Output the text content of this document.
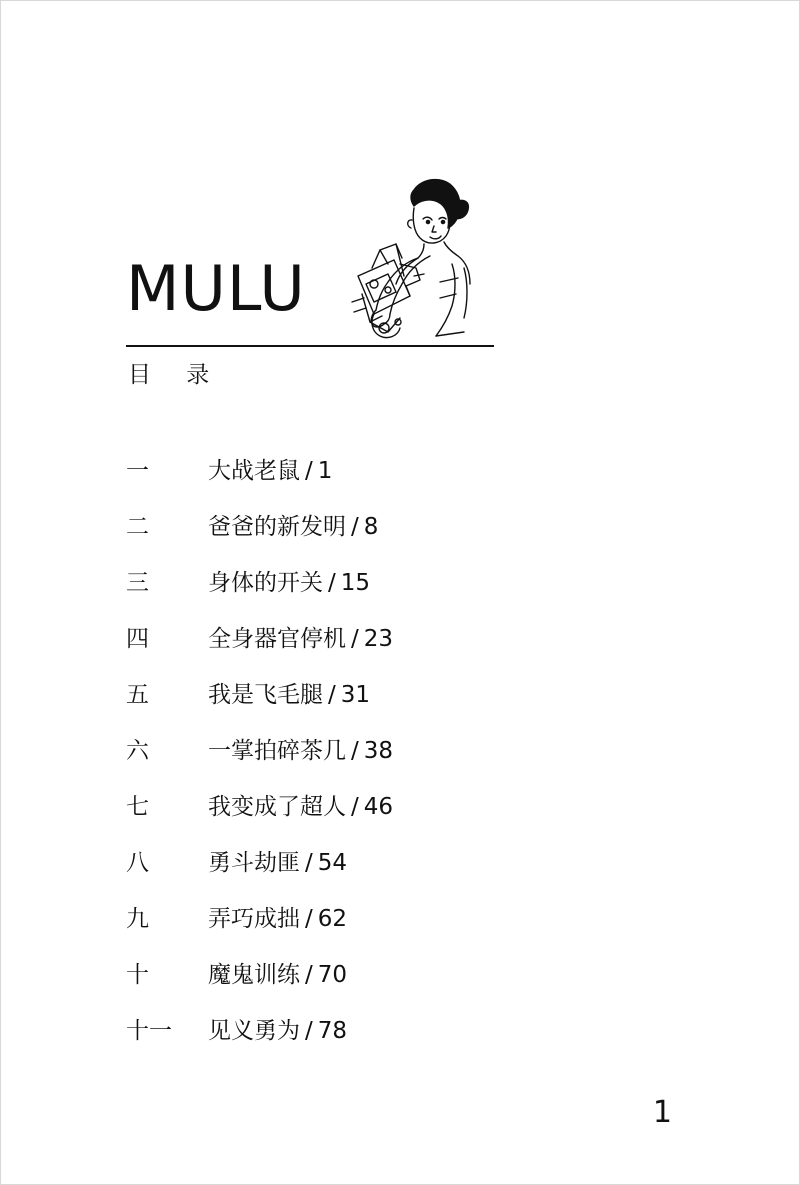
MULU
目 录
一	大战老鼠 / 1
二	爸爸的新发明 / 8
三	身体的开关 / 15
四	全身器官停机 / 23
五	我是飞毛腿 / 31
六	一掌拍碎茶几 / 38
七	我变成了超人 / 46
八	勇斗劫匪 / 54
九	弄巧成拙 / 62
十	魔鬼训练 / 70
十一	见义勇为 / 78
1
